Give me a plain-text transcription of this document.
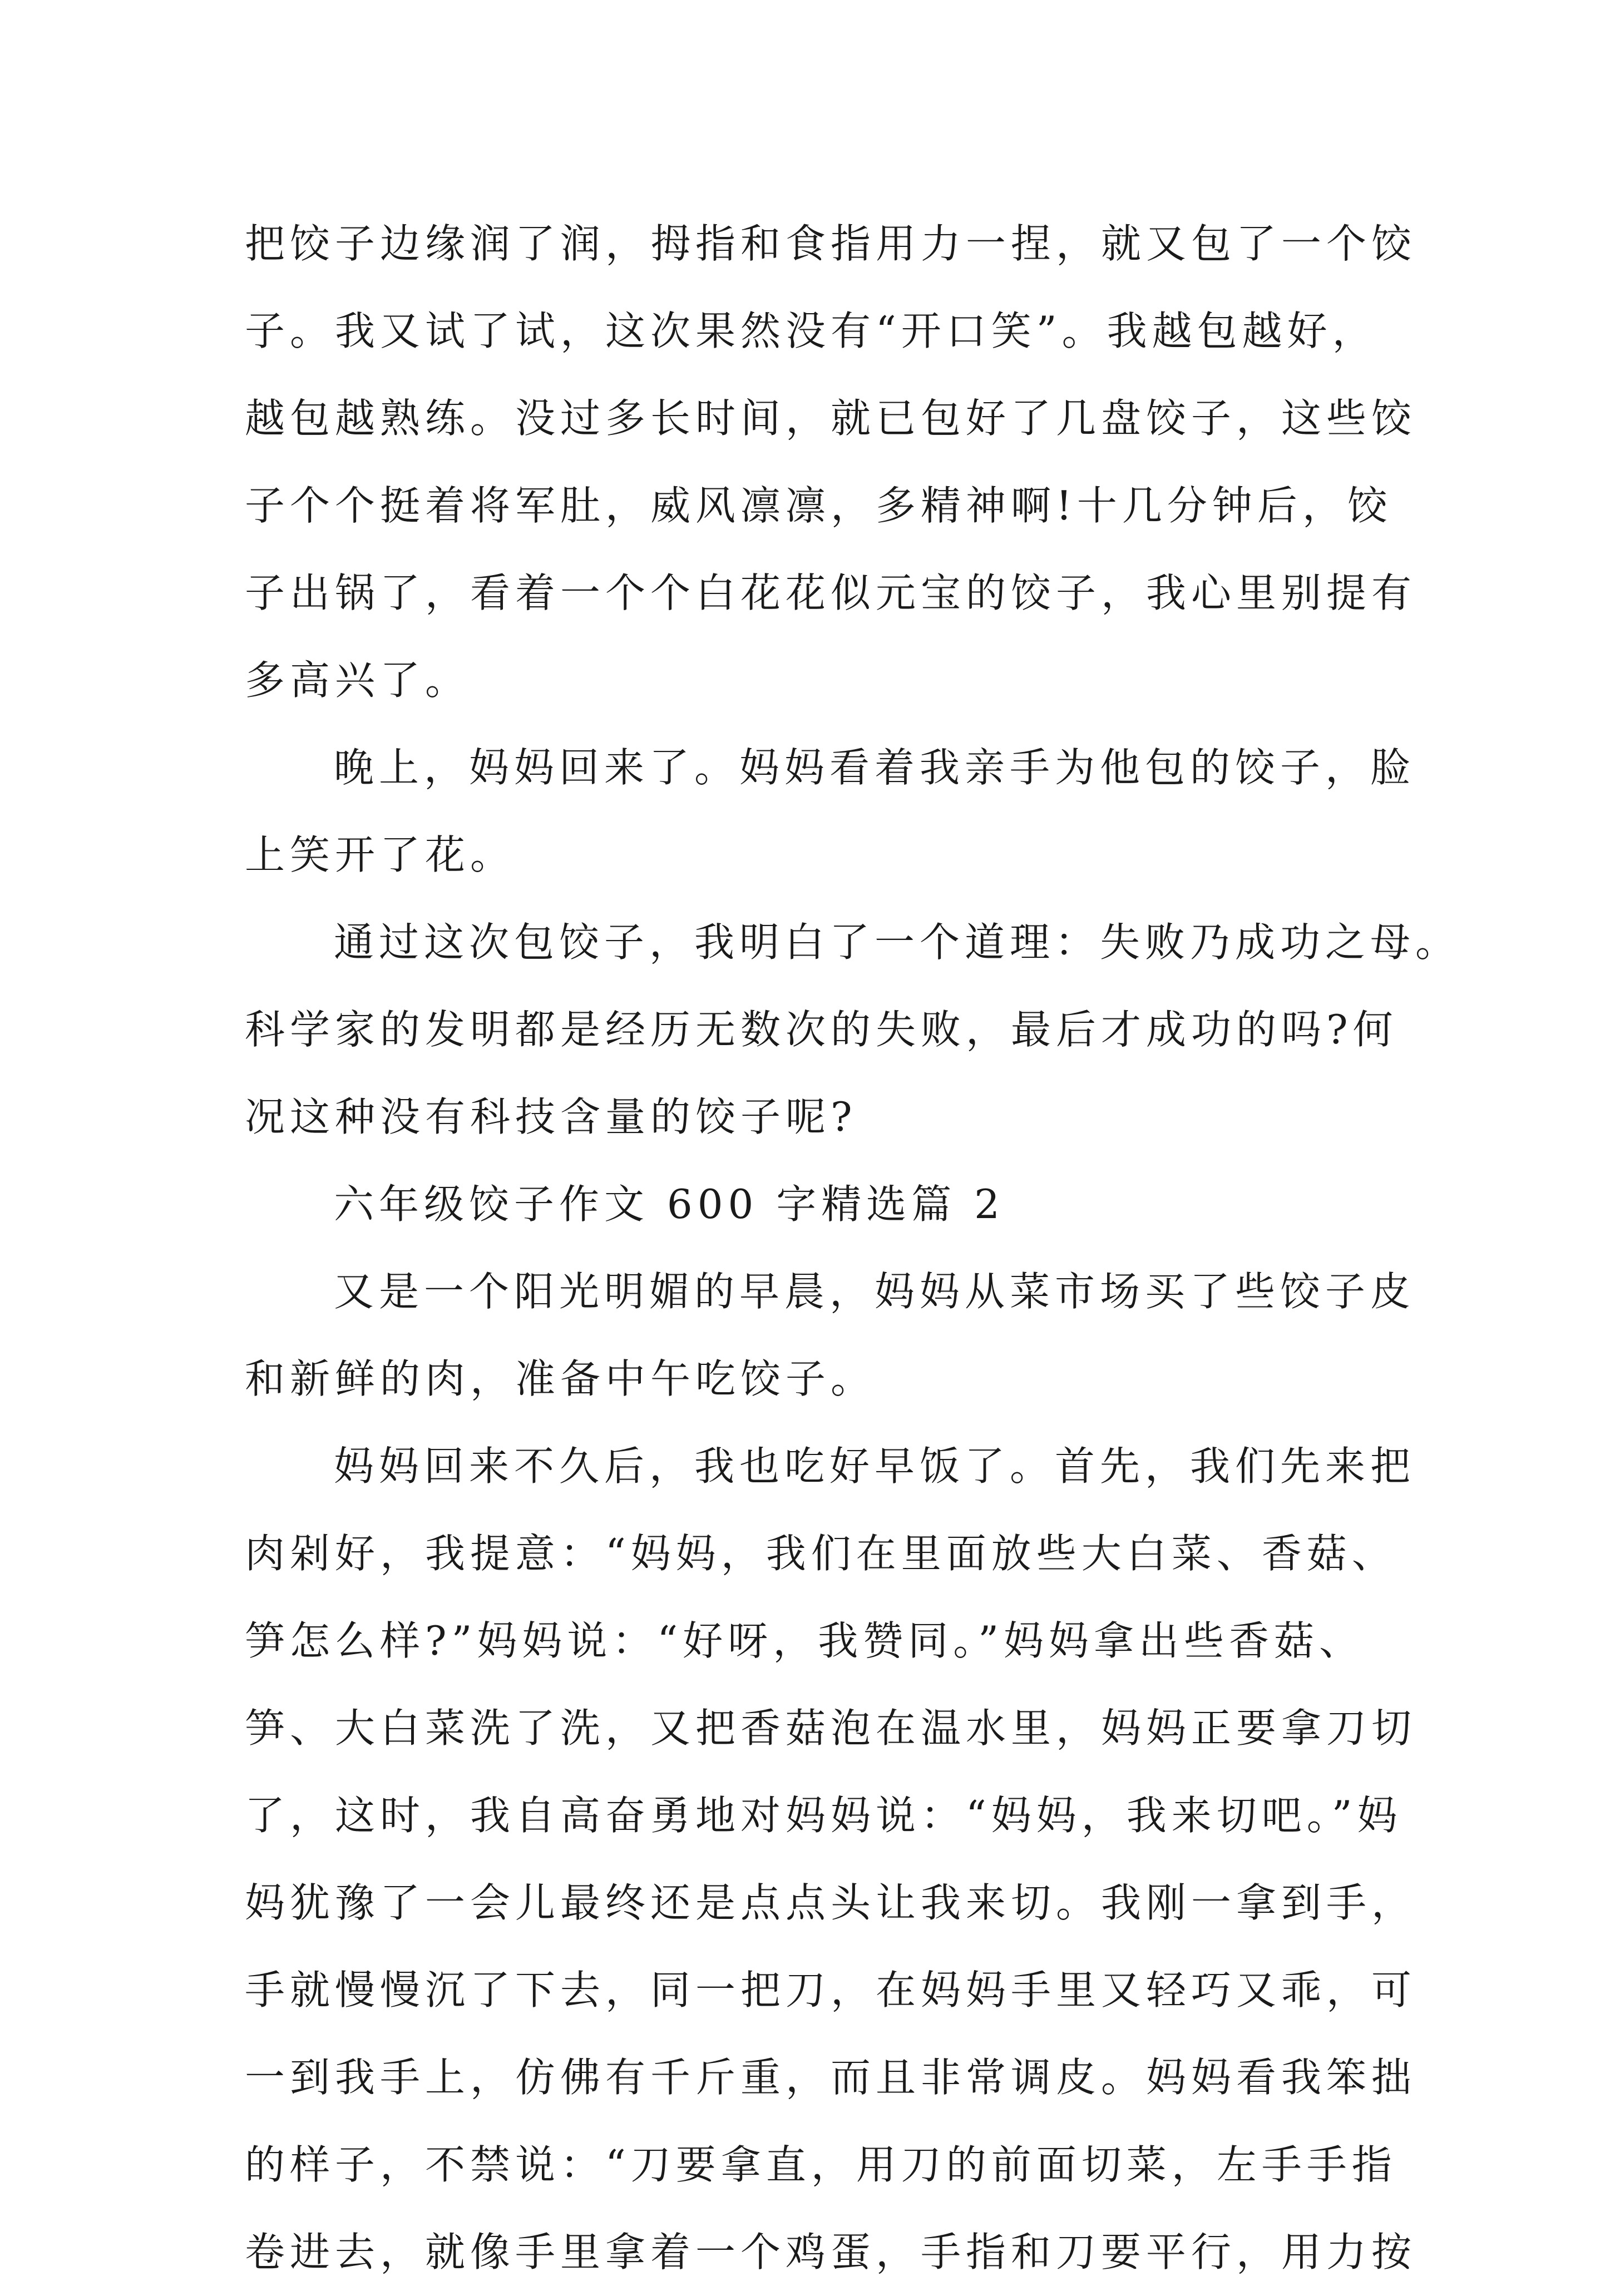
把饺子边缘润了润，拇指和食指用力一捏，就又包了一个饺
子。我又试了试，这次果然没有“开口笑”。我越包越好，
越包越熟练。没过多长时间，就已包好了几盘饺子，这些饺
子个个挺着将军肚，威风凛凛，多精神啊!十几分钟后，饺
子出锅了，看着一个个白花花似元宝的饺子，我心里别提有
多高兴了。
晚上，妈妈回来了。妈妈看着我亲手为他包的饺子，脸
上笑开了花。
通过这次包饺子，我明白了一个道理：失败乃成功之母。
科学家的发明都是经历无数次的失败，最后才成功的吗?何
况这种没有科技含量的饺子呢?
六年级饺子作文 600 字精选篇 2
又是一个阳光明媚的早晨，妈妈从菜市场买了些饺子皮
和新鲜的肉，准备中午吃饺子。
妈妈回来不久后，我也吃好早饭了。首先，我们先来把
肉剁好，我提意：“妈妈，我们在里面放些大白菜、香菇、
笋怎么样?”妈妈说：“好呀，我赞同。”妈妈拿出些香菇、
笋、大白菜洗了洗，又把香菇泡在温水里，妈妈正要拿刀切
了，这时，我自高奋勇地对妈妈说：“妈妈，我来切吧。”妈
妈犹豫了一会儿最终还是点点头让我来切。我刚一拿到手，
手就慢慢沉了下去，同一把刀，在妈妈手里又轻巧又乖，可
一到我手上，仿佛有千斤重，而且非常调皮。妈妈看我笨拙
的样子，不禁说：“刀要拿直，用刀的前面切菜，左手手指
卷进去，就像手里拿着一个鸡蛋，手指和刀要平行，用力按
